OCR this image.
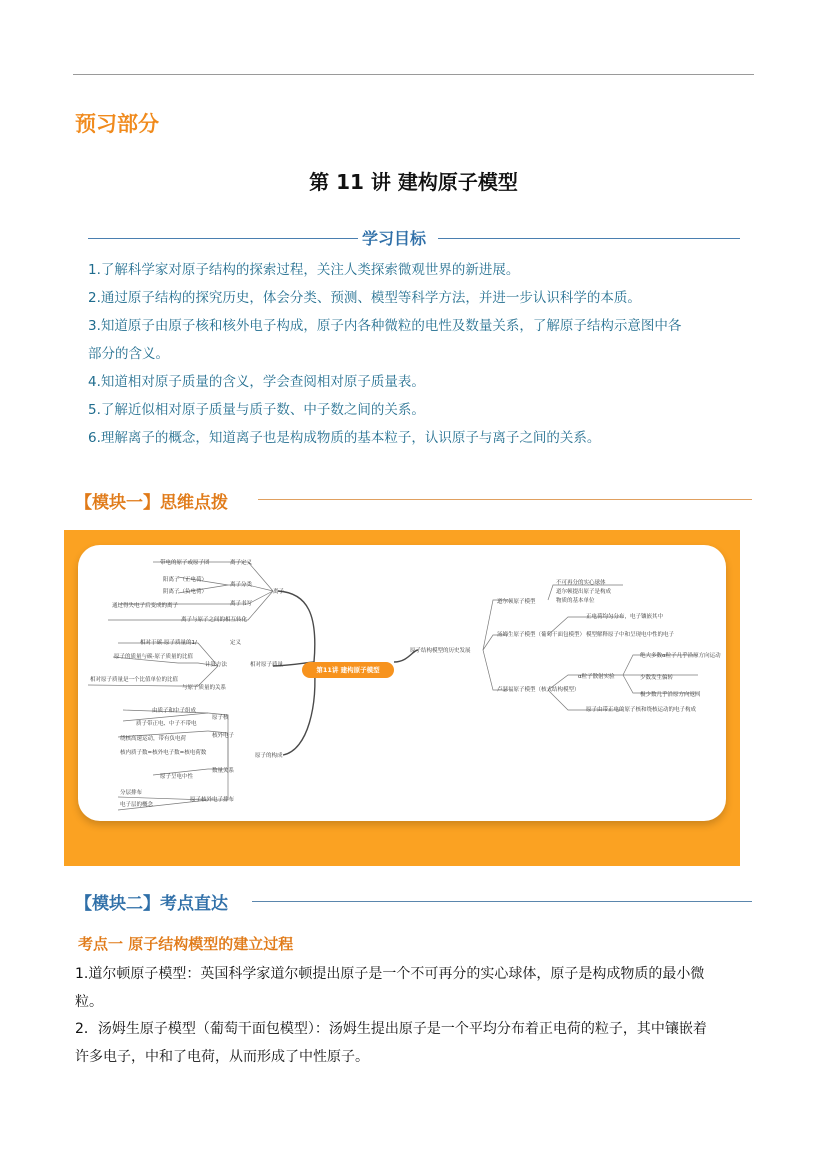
预习部分
第 11 讲 建构原子模型
学习目标
1.了解科学家对原子结构的探索过程，关注人类探索微观世界的新进展。
2.通过原子结构的探究历史，体会分类、预测、模型等科学方法，并进一步认识科学的本质。
3.知道原子由原子核和核外电子构成，原子内各种微粒的电性及数量关系，了解原子结构示意图中各
部分的含义。
4.知道相对原子质量的含义，学会查阅相对原子质量表。
5.了解近似相对原子质量与质子数、中子数之间的关系。
6.理解离子的概念，知道离子也是构成物质的基本粒子，认识原子与离子之间的关系。
【模块一】思维点拨
第11讲 建构原子模型
离子
离子定义
离子分类
离子书写
离子与原子之间的相互转化
带电的原子或原子团
阳离子（正电荷）
阴离子（负电荷）
通过得失电子后变成的离子
相对原子质量
定义
计算方法
与原子质量的关系
相对于碳-原子质量的1/
原子的质量与碳-原子质量的比值
相对原子质量是一个比值单位的比值
原子的构成
原子核
核外电子
数量关系
原子核外电子排布
由质子和中子组成
质子带正电、中子不带电
绕核高速运动，带有负电荷
核内质子数=核外电子数=核电荷数
原子呈电中性
分层排布
电子层的概念
原子结构模型的历史发展
道尔顿原子模型
汤姆生原子模型（葡萄干面包模型）
卢瑟福原子模型（核式结构模型）
不可再分的实心球体
道尔顿提出原子是构成
物质的基本单位
正电荷均匀分布，电子镶嵌其中
模型解释原子中和呈现电中性的电子
α粒子散射实验
绝大多数α粒子几乎沿原方向运动
少数发生偏转
极少数几乎沿原方向返回
原子由带正电的原子核和绕核运动的电子构成
【模块二】考点直达
考点一 原子结构模型的建立过程
1.道尔顿原子模型：英国科学家道尔顿提出原子是一个不可再分的实心球体，原子是构成物质的最小微
粒。
2．汤姆生原子模型（葡萄干面包模型）：汤姆生提出原子是一个平均分布着正电荷的粒子，其中镶嵌着
许多电子，中和了电荷，从而形成了中性原子。
